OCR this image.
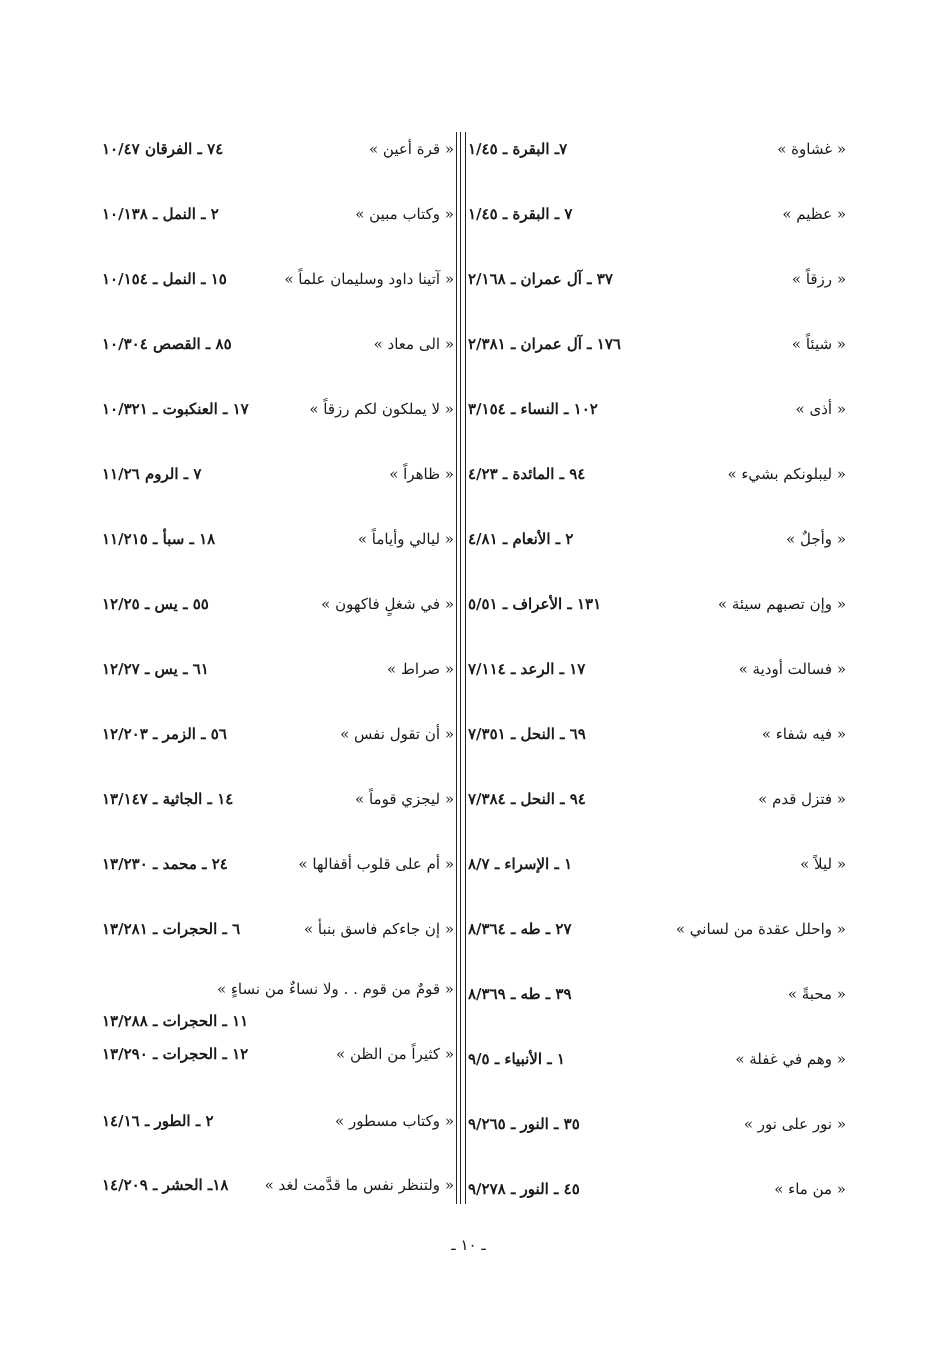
« غشاوة »
٧ـ البقرة ـ ١/٤٥
« عظيم »
٧ ـ البقرة ـ ١/٤٥
« رزقاً »
٣٧ ـ آل عمران ـ ٢/١٦٨
« شيئاً »
١٧٦ ـ آل عمران ـ ٢/٣٨١
« أذى »
١٠٢ ـ النساء ـ ٣/١٥٤
« ليبلونكم بشيء »
٩٤ ـ المائدة ـ ٤/٢٣
« وأجلٌ »
٢ ـ الأنعام ـ ٤/٨١
« وإن تصبهم سيئة »
١٣١ ـ الأعراف ـ ٥/٥١
« فسالت أودية »
١٧ ـ الرعد ـ ٧/١١٤
« فيه شفاء »
٦٩ ـ النحل ـ ٧/٣٥١
« فتزل قدم »
٩٤ ـ النحل ـ ٧/٣٨٤
« ليلاً »
١ ـ الإسراء ـ ٨/٧
« واحلل عقدة من لساني »
٢٧ ـ طه ـ ٨/٣٦٤
« محبةً »
٣٩ ـ طه ـ ٨/٣٦٩
« وهم في غفلة »
١ ـ الأنبياء ـ ٩/٥
« نور على نور »
٣٥ ـ النور ـ ٩/٢٦٥
« من ماء »
٤٥ ـ النور ـ ٩/٢٧٨
« قرة أعين »
٧٤ ـ الفرقان ١٠/٤٧
« وكتاب مبين »
٢ ـ النمل ـ ١٠/١٣٨
« آتينا داود وسليمان علماً »
١٥ ـ النمل ـ ١٠/١٥٤
« الى معاد »
٨٥ ـ القصص ١٠/٣٠٤
« لا يملكون لكم رزقاً »
١٧ ـ العنكبوت ـ ١٠/٣٢١
« ظاهراً »
٧ ـ الروم ١١/٢٦
« ليالي وأياماً »
١٨ ـ سبأ ـ ١١/٢١٥
« في شغلٍ فاكهون »
٥٥ ـ يس ـ ١٢/٢٥
« صراط »
٦١ ـ يس ـ ١٢/٢٧
« أن تقول نفس »
٥٦ ـ الزمر ـ ١٢/٢٠٣
« ليجزي قوماً »
١٤ ـ الجاثية ـ ١٣/١٤٧
« أم على قلوب أقفالها »
٢٤ ـ محمد ـ ١٣/٢٣٠
« إن جاءكم فاسق بنبأ »
٦ ـ الحجرات ـ ١٣/٢٨١
« قومٌ من قوم . . ولا نساءٌ من نساءٍ »
١١ ـ الحجرات ـ ١٣/٢٨٨
« كثيراً من الظن »
١٢ ـ الحجرات ـ ١٣/٢٩٠
« وكتاب مسطور »
٢ ـ الطور ـ ١٤/١٦
« ولتنظر نفس ما قدَّمت لغد »
١٨ـ الحشر ـ ١٤/٢٠٩
ـ ١٠ ـ
